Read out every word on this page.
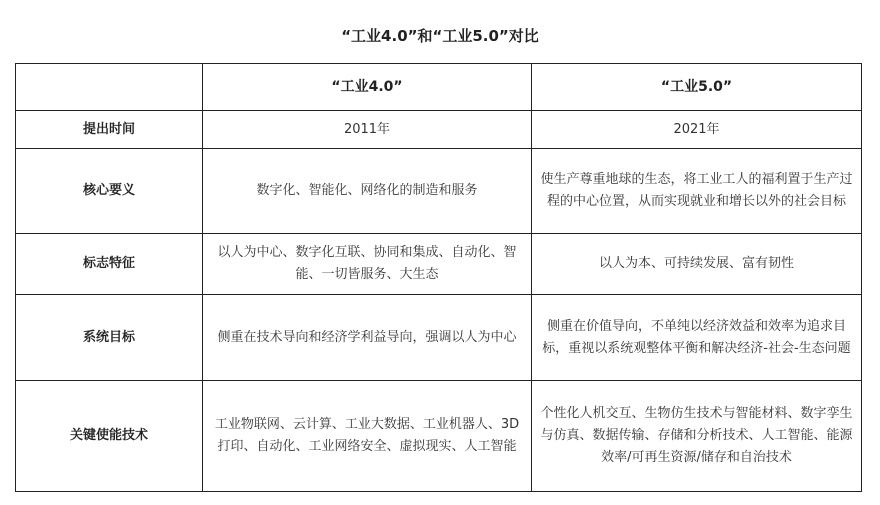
“工业4.0”和“工业5.0”对比
	“工业4.0”	“工业5.0”
提出时间	2011年	2021年
核心要义	数字化、智能化、网络化的制造和服务	使生产尊重地球的生态，将工业工人的福利置于生产过程的中心位置，从而实现就业和增长以外的社会目标
标志特征	以人为中心、数字化互联、协同和集成、自动化、智能、一切皆服务、大生态	以人为本、可持续发展、富有韧性
系统目标	侧重在技术导向和经济学利益导向，强调以人为中心	侧重在价值导向，不单纯以经济效益和效率为追求目标，重视以系统观整体平衡和解决经济-社会-生态问题
关键使能技术	工业物联网、云计算、工业大数据、工业机器人、3D打印、自动化、工业网络安全、虚拟现实、人工智能	个性化人机交互、生物仿生技术与智能材料、数字孪生与仿真、数据传输、存储和分析技术、人工智能、能源效率/可再生资源/储存和自治技术
